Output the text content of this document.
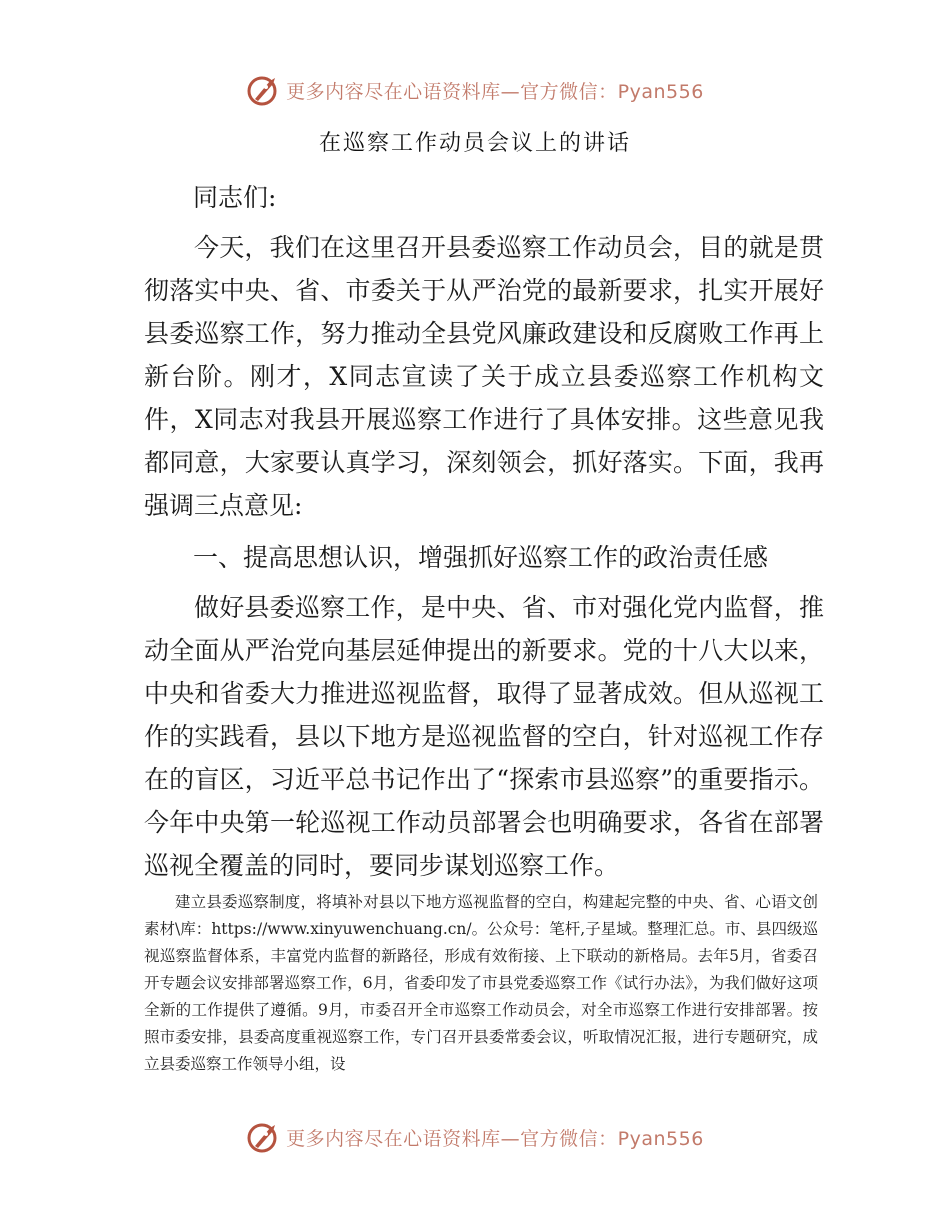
更多内容尽在心语资料库—官方微信：Pyan556
在巡察工作动员会议上的讲话
同志们:

今天，我们在这里召开县委巡察工作动员会，目的就是贯彻落实中央、省、市委关于从严治党的最新要求，扎实开展好县委巡察工作，努力推动全县党风廉政建设和反腐败工作再上新台阶。刚才，X同志宣读了关于成立县委巡察工作机构文件，X同志对我县开展巡察工作进行了具体安排。这些意见我都同意，大家要认真学习，深刻领会，抓好落实。下面，我再强调三点意见:

一、提高思想认识，增强抓好巡察工作的政治责任感

做好县委巡察工作，是中央、省、市对强化党内监督，推动全面从严治党向基层延伸提出的新要求。党的十八大以来，中央和省委大力推进巡视监督，取得了显著成效。但从巡视工作的实践看，县以下地方是巡视监督的空白，针对巡视工作存在的盲区，习近平总书记作出了“探索市县巡察”的重要指示。今年中央第一轮巡视工作动员部署会也明确要求，各省在部署巡视全覆盖的同时，要同步谋划巡察工作。

建立县委巡察制度，将填补对县以下地方巡视监督的空白，构建起完整的中央、省、心语文创素材\库：https://www.xinyuwenchuang.cn/。公众号：笔杆,子星域。整理汇总。市、县四级巡视巡察监督体系，丰富党内监督的新路径，形成有效衔接、上下联动的新格局。去年5月，省委召开专题会议安排部署巡察工作，6月，省委印发了市县党委巡察工作《试行办法》，为我们做好这项全新的工作提供了遵循。9月，市委召开全市巡察工作动员会，对全市巡察工作进行安排部署。按照市委安排，县委高度重视巡察工作，专门召开县委常委会议，听取情况汇报，进行专题研究，成立县委巡察工作领导小组，设

更多内容尽在心语资料库—官方微信：Pyan556
